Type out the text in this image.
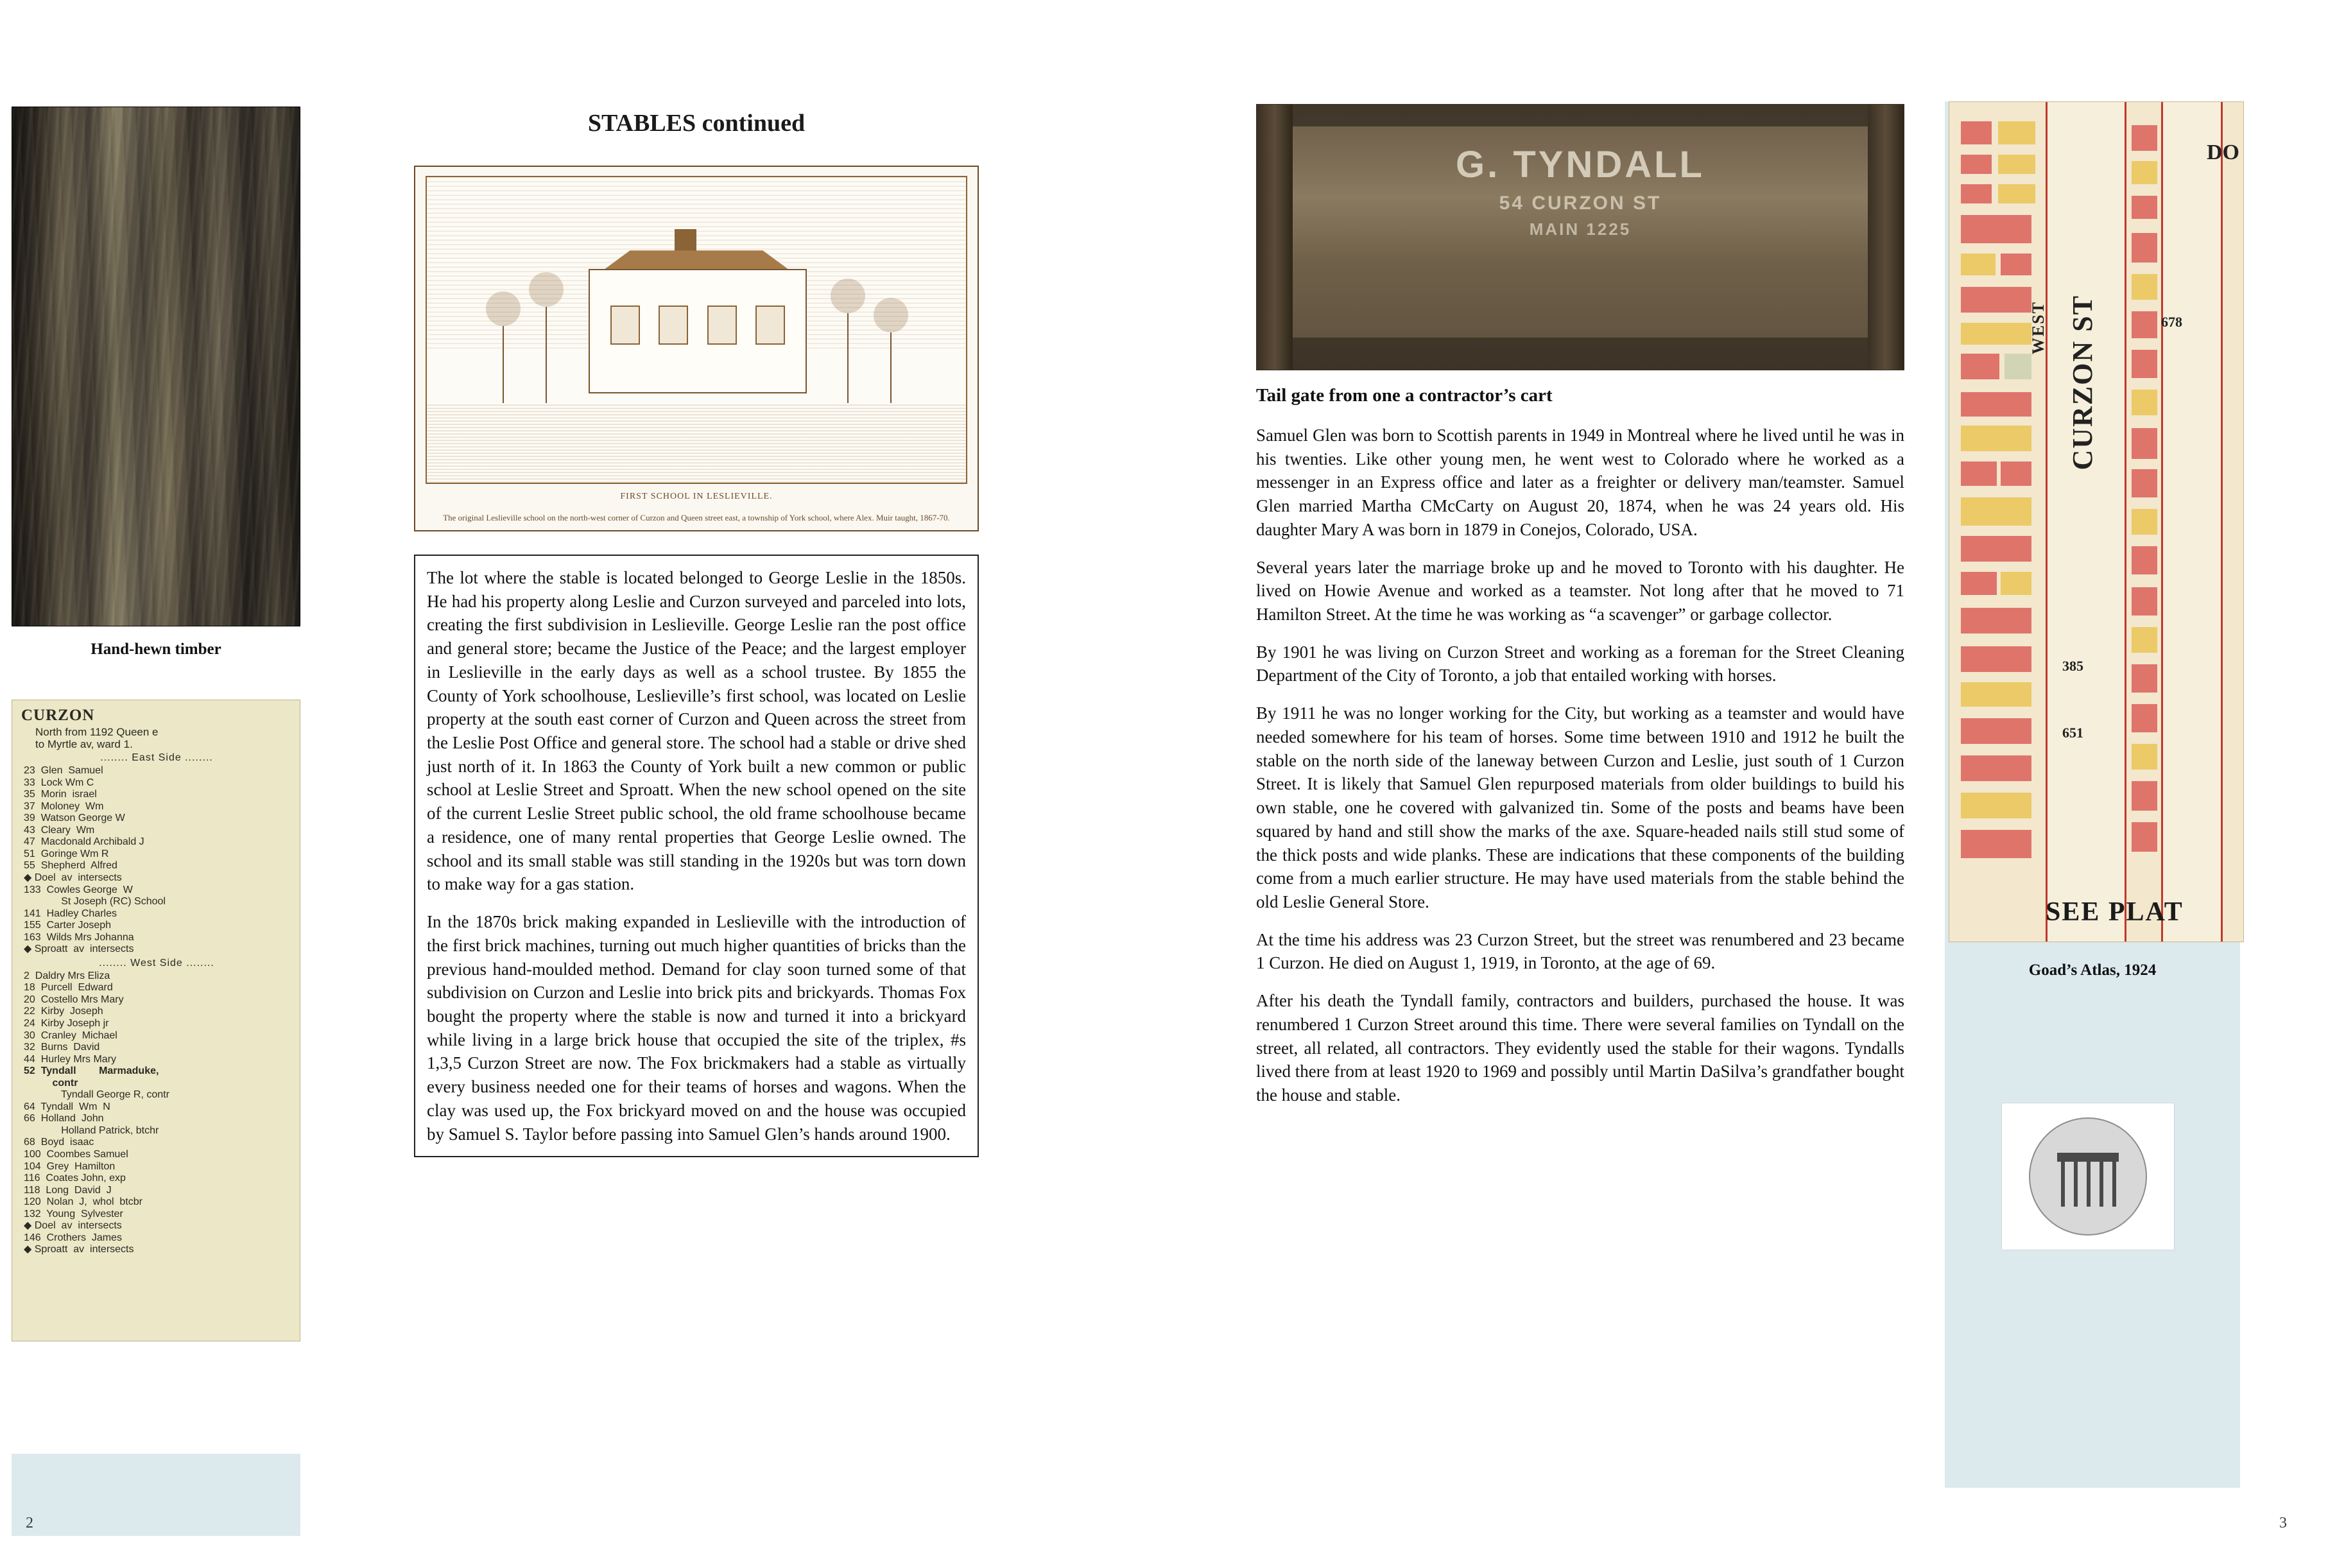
Hand-hewn timber
CURZON
North from 1192 Queen e
to Myrtle av, ward 1.
........ East Side ........
23  Glen  Samuel
33  Lock Wm C
35  Morin  israel
37  Moloney  Wm
39  Watson George W
43  Cleary  Wm
47  Macdonald Archibald J
51  Goringe Wm R
55  Shepherd  Alfred
◆ Doel  av  intersects
133  Cowles George  W
St Joseph (RC) School
141  Hadley Charles
155  Carter Joseph
163  Wilds Mrs Johanna
◆ Sproatt  av  intersects
........ West Side ........
2  Daldry Mrs Eliza
18  Purcell  Edward
20  Costello Mrs Mary
22  Kirby  Joseph
24  Kirby Joseph jr
30  Cranley  Michael
32  Burns  David
44  Hurley Mrs Mary
52  Tyndall        Marmaduke,
contr
Tyndall George R, contr
64  Tyndall  Wm  N
66  Holland  John
Holland Patrick, btchr
68  Boyd  isaac
100  Coombes Samuel
104  Grey  Hamilton
116  Coates John, exp
118  Long  David  J
120  Nolan  J,  whol  btcbr
132  Young  Sylvester
◆ Doel  av  intersects
146  Crothers  James
◆ Sproatt  av  intersects
2
STABLES continued
FIRST SCHOOL IN LESLIEVILLE.
The original Leslieville school on the north-west corner of Curzon and Queen street east, a township of York school, where Alex. Muir taught, 1867-70.

The lot where the stable is located belonged to George Leslie in the 1850s. He had his property along Leslie and Curzon surveyed and parceled into lots, creating the first subdivision in Leslieville. George Leslie ran the post office and general store; became the Justice of the Peace; and the largest employer in Leslieville in the early days as well as a school trustee. By 1855 the County of York schoolhouse, Leslieville’s first school, was located on Leslie property at the south east corner of Curzon and Queen across the street from the Leslie Post Office and general store. The school had a stable or drive shed just north of it. In 1863 the County of York built a new common or public school at Leslie Street and Sproatt. When the new school opened on the site of the current Leslie Street public school, the old frame schoolhouse became a residence, one of many rental properties that George Leslie owned. The school and its small stable was still standing in the 1920s but was torn down to make way for a gas station.

In the 1870s brick making expanded in Leslieville with the introduction of the first brick machines, turning out much higher quantities of bricks than the previous hand-moulded method. Demand for clay soon turned some of that subdivision on Curzon and Leslie into brick pits and brickyards. Thomas Fox bought the property where the stable is now and turned it into a brickyard while living in a large brick house that occupied the site of the triplex, #s 1,3,5 Curzon Street are now. The Fox brickmakers had a stable as virtually every business needed one for their teams of horses and wagons. When the clay was used up, the Fox brickyard moved on and the house was occupied by Samuel S. Taylor before passing into Samuel Glen’s hands around 1900.

G. TYNDALL
54 CURZON ST
MAIN 1225
Tail gate from one a contractor’s cart

Samuel Glen was born to Scottish parents in 1949 in Montreal where he lived until he was in his twenties. Like other young men, he went west to Colorado where he worked as a messenger in an Express office and later as a freighter or delivery man/teamster. Samuel Glen married Martha CMcCarty on August 20, 1874, when he was 24 years old. His daughter Mary A was born in 1879 in Conejos, Colorado, USA.

Several years later the marriage broke up and he moved to Toronto with his daughter. He lived on Howie Avenue and worked as a teamster. Not long after that he moved to 71 Hamilton Street. At the time he was working as “a scavenger” or garbage collector.

By 1901 he was living on Curzon Street and working as a foreman for the Street Cleaning Department of the City of Toronto, a job that entailed working with horses.

By 1911 he was no longer working for the City, but working as a teamster and would have needed somewhere for his team of horses. Some time between 1910 and 1912 he built the stable on the north side of the laneway between Curzon and Leslie, just south of 1 Curzon Street. It is likely that Samuel Glen repurposed materials from older buildings to build his own stable, one he covered with galvanized tin. Some of the posts and beams have been squared by hand and still show the marks of the axe. Square-headed nails still stud some of the thick posts and wide planks. These are indications that these components of the building come from a much earlier structure. He may have used materials from the stable behind the old Leslie General Store.

At the time his address was 23 Curzon Street, but the street was renumbered and 23 became 1 Curzon. He died on August 1, 1919, in Toronto, at the age of 69.

After his death the Tyndall family, contractors and builders, purchased the house. It was renumbered 1 Curzon Street around this time. There were several families on Tyndall on the street, all related, all contractors. They evidently used the stable for their wagons. Tyndalls lived there from at least 1920 to 1969 and possibly until Martin DaSilva’s grandfather bought the house and stable.

CURZON ST
WEST
DO
678
385
651
SEE PLAT
Goad’s Atlas, 1924
3
